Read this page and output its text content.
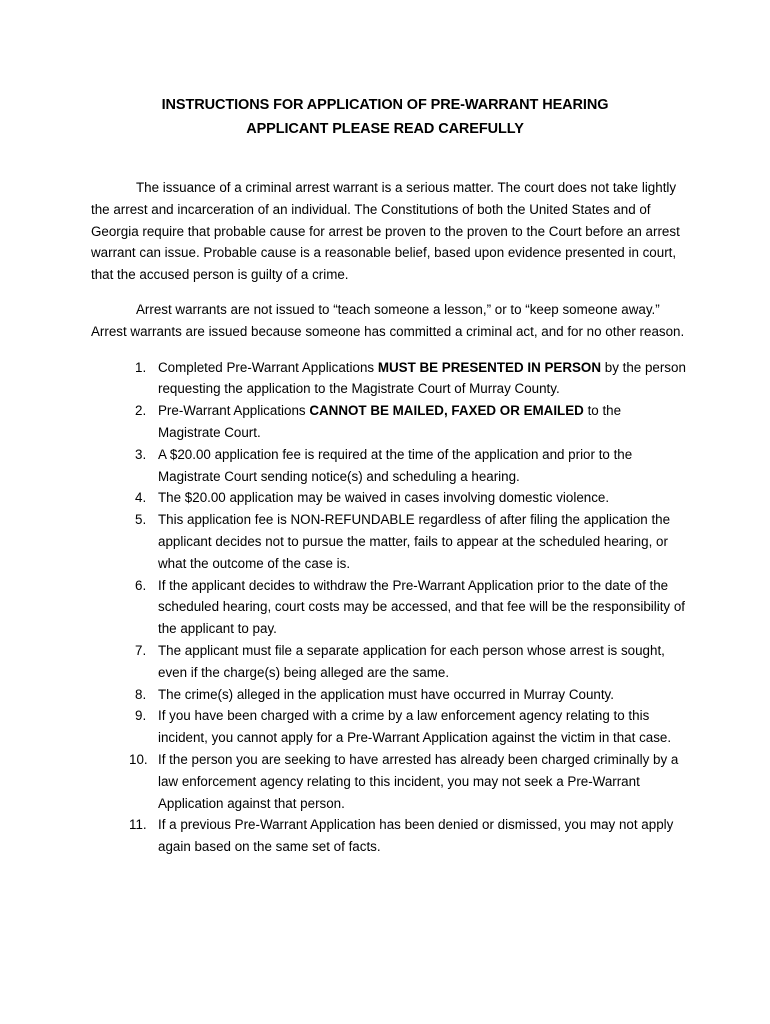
INSTRUCTIONS FOR APPLICATION OF PRE-WARRANT HEARING
APPLICANT PLEASE READ CAREFULLY

The issuance of a criminal arrest warrant is a serious matter. The court does not take lightly the arrest and incarceration of an individual. The Constitutions of both the United States and of Georgia require that probable cause for arrest be proven to the proven to the Court before an arrest warrant can issue. Probable cause is a reasonable belief, based upon evidence presented in court, that the accused person is guilty of a crime.

Arrest warrants are not issued to “teach someone a lesson,” or to “keep someone away.” Arrest warrants are issued because someone has committed a criminal act, and for no other reason.

1. Completed Pre-Warrant Applications MUST BE PRESENTED IN PERSON by the person requesting the application to the Magistrate Court of Murray County.
2. Pre-Warrant Applications CANNOT BE MAILED, FAXED OR EMAILED to the Magistrate Court.
3. A $20.00 application fee is required at the time of the application and prior to the Magistrate Court sending notice(s) and scheduling a hearing.
4. The $20.00 application may be waived in cases involving domestic violence.
5. This application fee is NON-REFUNDABLE regardless of after filing the application the applicant decides not to pursue the matter, fails to appear at the scheduled hearing, or what the outcome of the case is.
6. If the applicant decides to withdraw the Pre-Warrant Application prior to the date of the scheduled hearing, court costs may be accessed, and that fee will be the responsibility of the applicant to pay.
7. The applicant must file a separate application for each person whose arrest is sought, even if the charge(s) being alleged are the same.
8. The crime(s) alleged in the application must have occurred in Murray County.
9. If you have been charged with a crime by a law enforcement agency relating to this incident, you cannot apply for a Pre-Warrant Application against the victim in that case.
10. If the person you are seeking to have arrested has already been charged criminally by a law enforcement agency relating to this incident, you may not seek a Pre-Warrant Application against that person.
11. If a previous Pre-Warrant Application has been denied or dismissed, you may not apply again based on the same set of facts.
